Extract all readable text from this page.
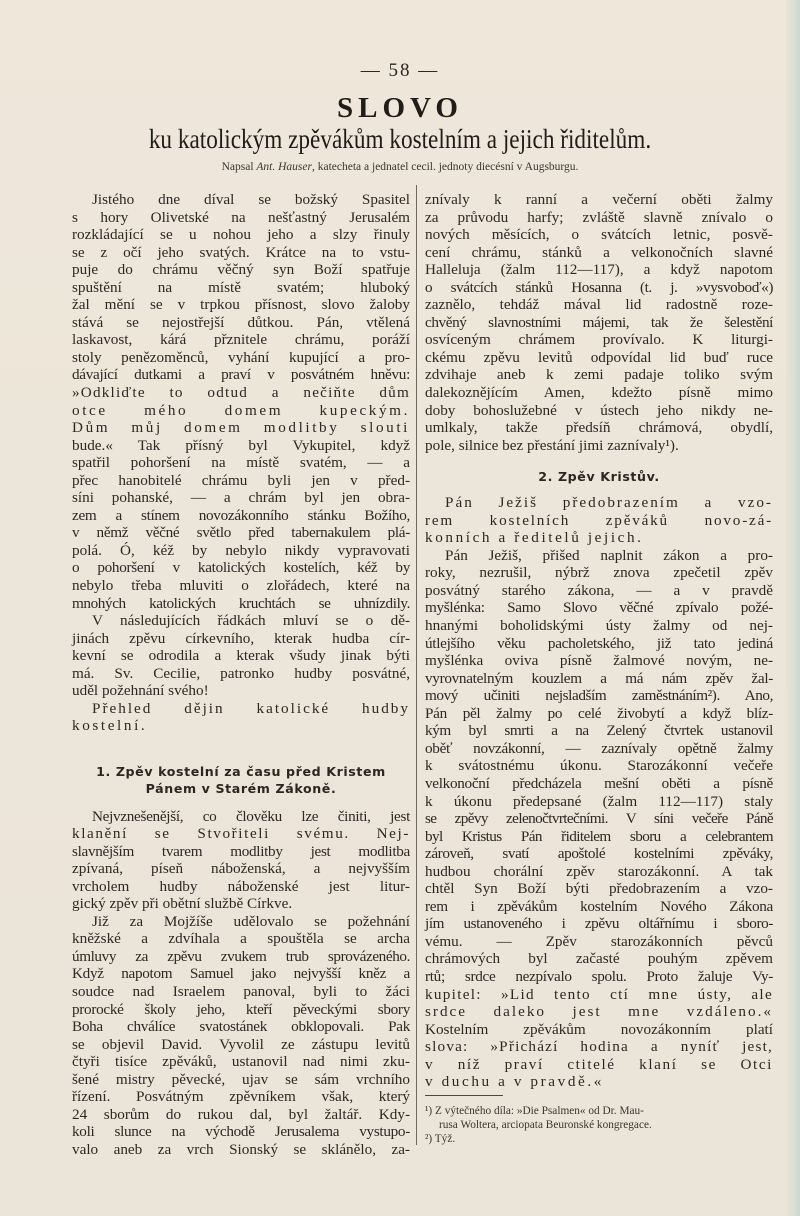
— 58 —
SLOVO
ku katolickým zpěvákům kostelním a jejich řiditelům.
Napsal Ant. Hauser, katecheta a jednatel cecil. jednoty diecésní v Augsburgu.
Jistého dne díval se božský Spasitel
s hory Olivetské na nešťastný Jerusalém
rozkládající se u nohou jeho a slzy řinuly
se z očí jeho svatých. Krátce na to vstu-
puje do chrámu věčný syn Boží spatřuje
spuštění na místě svatém; hluboký
žal mění se v trpkou přísnost, slovo žaloby
stává se nejostřejší důtkou. Pán, vtělená
laskavost, kárá přznitele chrámu, poráží
stoly penězoměnců, vyhání kupující a pro-
dávající dutkami a praví v posvátném hněvu:
»Odkliďte to odtud a nečiňte dům
otce mého domem kupeckým.
Dům můj domem modlitby slouti
bude.« Tak přísný byl Vykupitel, když
spatřil pohoršení na místě svatém, — a
přec hanobitelé chrámu byli jen v před-
síni pohanské, — a chrám byl jen obra-
zem a stínem novozákonního stánku Božího,
v němž věčné světlo před tabernakulem plá-
polá. Ó, kéž by nebylo nikdy vypravovati
o pohoršení v katolických kostelích, kéž by
nebylo třeba mluviti o zlořádech, které na
mnohých katolických kruchtách se uhnízdily.
V následujících řádkách mluví se o dě-
jinách zpěvu církevního, kterak hudba cír-
kevní se odrodila a kterak všudy jinak býti
má. Sv. Cecilie, patronko hudby posvátné,
uděl požehnání svého!
Přehled dějin katolické hudby
kostelní.
1. Zpěv kostelní za času před Kristem
Pánem v Starém Zákoně.
Nejvznešenější, co člověku lze činiti, jest
klanění se Stvořiteli svému. Nej-
slavnějším tvarem modlitby jest modlitba
zpívaná, píseň náboženská, a nejvyšším
vrcholem hudby náboženské jest litur-
gický zpěv při obětní službě Církve.
Již za Mojžíše udělovalo se požehnání
kněžské a zdvíhala a spouštěla se archa
úmluvy za zpěvu zvukem trub sprovázeného.
Když napotom Samuel jako nejvyšší kněz a
soudce nad Israelem panoval, byli to žáci
prorocké školy jeho, kteří pěveckými sbory
Boha chválíce svatostánek obklopovali. Pak
se objevil David. Vyvolil ze zástupu levitů
čtyři tisíce zpěváků, ustanovil nad nimi zku-
šené mistry pěvecké, ujav se sám vrchního
řízení. Posvátným zpěvníkem však, který
24 sborům do rukou dal, byl žaltář. Kdy-
koli slunce na východě Jerusalema vystupo-
valo aneb za vrch Sionský se sklánělo, za-
znívaly k ranní a večerní oběti žalmy
za průvodu harfy; zvláště slavně znívalo o
nových měsících, o svátcích letnic, posvě-
cení chrámu, stánků a velkonočních slavné
Halleluja (žalm 112—117), a když napotom
o svátcích stánků Hosanna (t. j. »vysvoboď«)
zaznělo, tehdáž mával lid radostně roze-
chvěný slavnostními májemi, tak že šelestění
osvíceným chrámem provívalo. K liturgi-
ckému zpěvu levitů odpovídal lid buď ruce
zdvihaje aneb k zemi padaje toliko svým
dalekoznějícím Amen, kdežto písně mimo
doby bohoslužebné v ústech jeho nikdy ne-
umlkaly, takže předsíň chrámová, obydlí,
pole, silnice bez přestání jimi zaznívaly¹).
2. Zpěv Kristův.
Pán Ježiš předobrazením a vzo-
rem kostelních zpěváků novo-zá-
konních a ředitelů jejich.
Pán Ježiš, přišed naplnit zákon a pro-
roky, nezrušil, nýbrž znova zpečetil zpěv
posvátný starého zákona, — a v pravdě
myšlénka: Samo Slovo věčné zpívalo požé-
hnanými boholidskými ústy žalmy od nej-
útlejšího věku pacholetského, již tato jediná
myšlénka oviva písně žalmové novým, ne-
vyrovnatelným kouzlem a má nám zpěv žal-
mový učiniti nejsladším zaměstnáním²). Ano,
Pán pěl žalmy po celé živobytí a když blíz-
kým byl smrti a na Zelený čtvrtek ustanovil
oběť novzákonní, — zaznívaly opětně žalmy
k svátostnému úkonu. Starozákonní večeře
velkonoční předcházela mešní oběti a písně
k úkonu předepsané (žalm 112—117) staly
se zpěvy zelenočtvrtečními. V síni večeře Páně
byl Kristus Pán řiditelem sboru a celebrantem
zároveň, svatí apoštolé kostelními zpěváky,
hudbou chorální zpěv starozákonní. A tak
chtěl Syn Boží býti předobrazením a vzo-
rem i zpěvákům kostelním Nového Zákona
jím ustanoveného i zpěvu oltářnímu i sboro-
vému. — Zpěv starozákonních pěvců
chrámových byl začasté pouhým zpěvem
rtů; srdce nezpívalo spolu. Proto žaluje Vy-
kupitel: »Lid tento ctí mne ústy, ale
srdce daleko jest mne vzdáleno.«
Kostelním zpěvákům novozákonním platí
slova: »Přichází hodina a nyníť jest,
v níž praví ctitelé klaní se Otci
v duchu a v pravdě.«
¹) Z výtečného díla: »Die Psalmen« od Dr. Mau-
rusa Woltera, arciopata Beuronské kongregace.
²) Týž.
